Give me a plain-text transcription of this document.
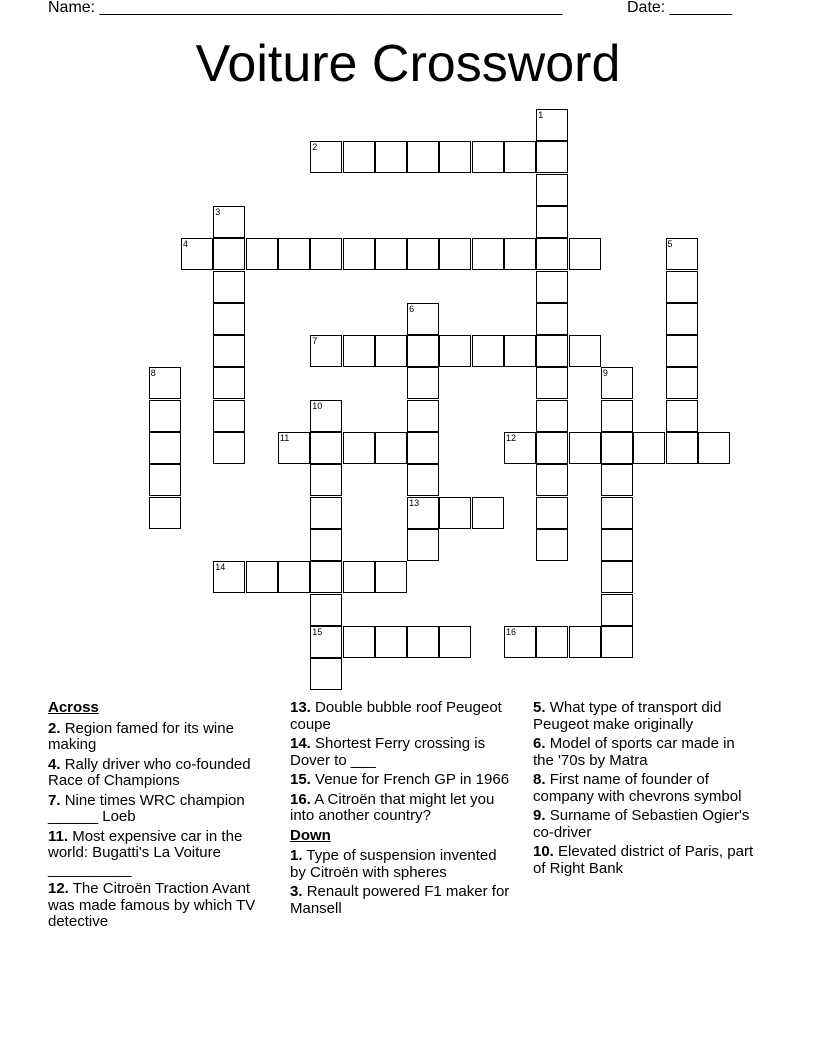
Name: ____________________________________________________	Date: _______
Voiture Crossword
2
4
7
11	12
13
14
15	16
1
3
5
6
8	9
10
Across
2. Region famed for its wine making
4. Rally driver who co-founded Race of Champions
7. Nine times WRC champion ______ Loeb
11. Most expensive car in the world: Bugatti's La Voiture __________
12. The Citroën Traction Avant was made famous by which TV detective
13. Double bubble roof Peugeot coupe
14. Shortest Ferry crossing is Dover to ___
15. Venue for French GP in 1966
16. A Citroën that might let you into another country?
Down
1. Type of suspension invented by Citroën with spheres
3. Renault powered F1 maker for Mansell
5. What type of transport did Peugeot make originally
6. Model of sports car made in the '70s by Matra
8. First name of founder of company with chevrons symbol
9. Surname of Sebastien Ogier's co-driver
10. Elevated district of Paris, part of Right Bank
